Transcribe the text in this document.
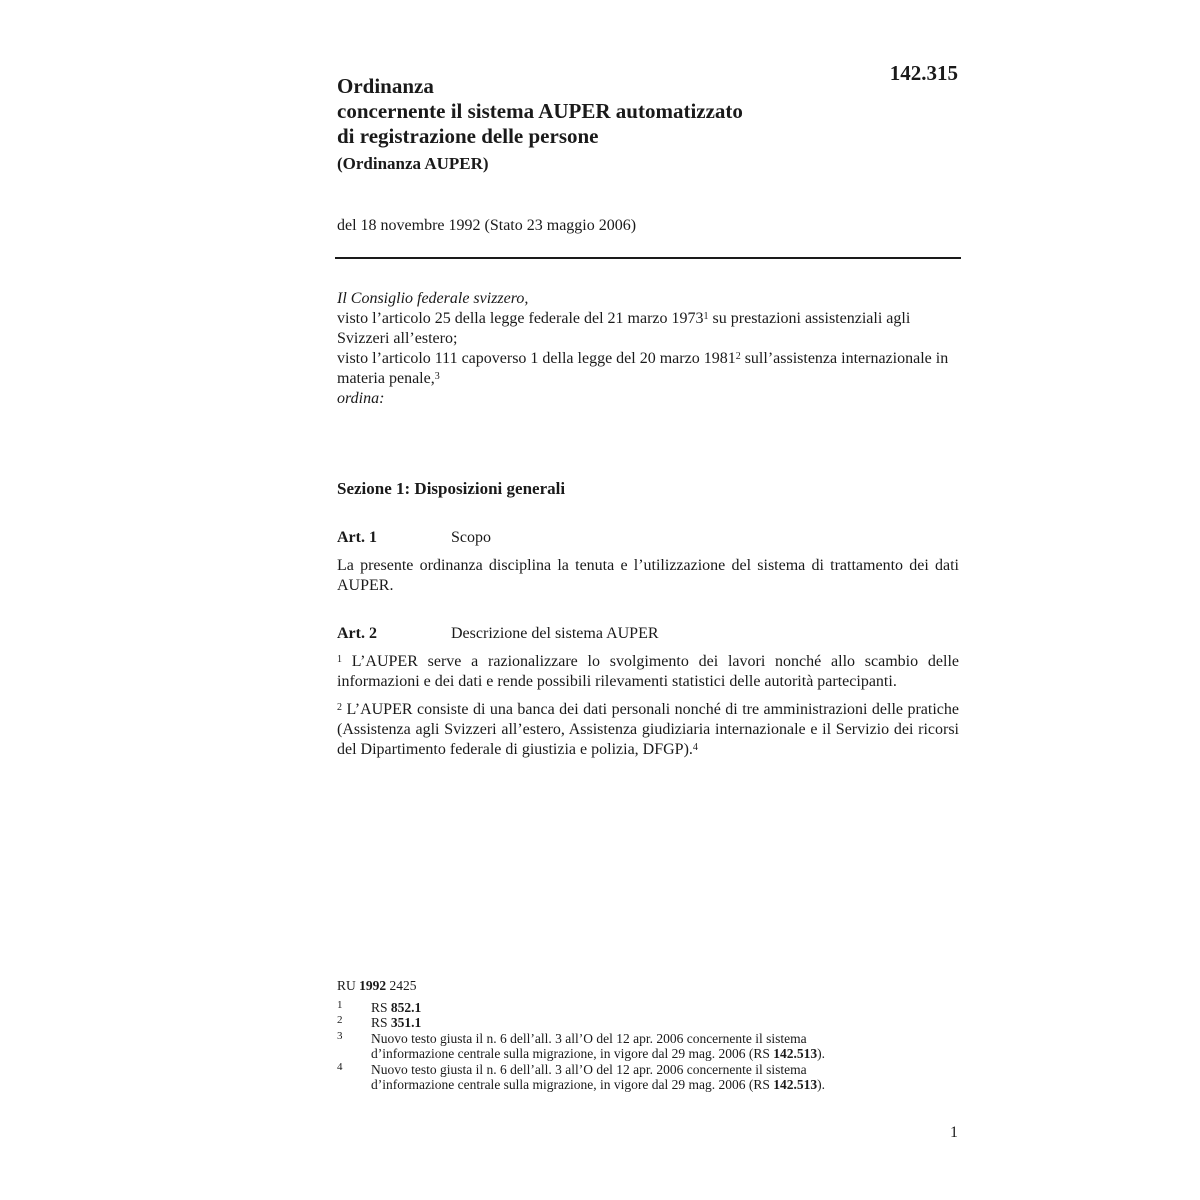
142.315
Ordinanza
concernente il sistema AUPER automatizzato
di registrazione delle persone
(Ordinanza AUPER)
del 18 novembre 1992 (Stato 23 maggio 2006)

Il Consiglio federale svizzero,

visto l’articolo 25 della legge federale del 21 marzo 1973$^1$ su prestazioni assistenziali agli Svizzeri all’estero;

visto l’articolo 111 capoverso 1 della legge del 20 marzo 1981$^2$ sull’assistenza internazionale in materia penale,$^3$

ordina:

Sezione 1: Disposizioni generali
Art. 1	Scopo

La presente ordinanza disciplina la tenuta e l’utilizzazione del sistema di trattamento dei dati AUPER.

Art. 2	Descrizione del sistema AUPER

$^1$ L’AUPER serve a razionalizzare lo svolgimento dei lavori nonché allo scambio delle informazioni e dei dati e rende possibili rilevamenti statistici delle autorità partecipanti.

$^2$ L’AUPER consiste di una banca dei dati personali nonché di tre amministrazioni delle pratiche (Assistenza agli Svizzeri all’estero, Assistenza giudiziaria internazionale e il Servizio dei ricorsi del Dipartimento federale di giustizia e polizia, DFGP).$^4$

RU 1992 2425
1	RS 852.1
2	RS 351.1
3	Nuovo testo giusta il n. 6 dell’all. 3 all’O del 12 apr. 2006 concernente il sistema
d’informazione centrale sulla migrazione, in vigore dal 29 mag. 2006 (RS 142.513).
4	Nuovo testo giusta il n. 6 dell’all. 3 all’O del 12 apr. 2006 concernente il sistema
d’informazione centrale sulla migrazione, in vigore dal 29 mag. 2006 (RS 142.513).
1
